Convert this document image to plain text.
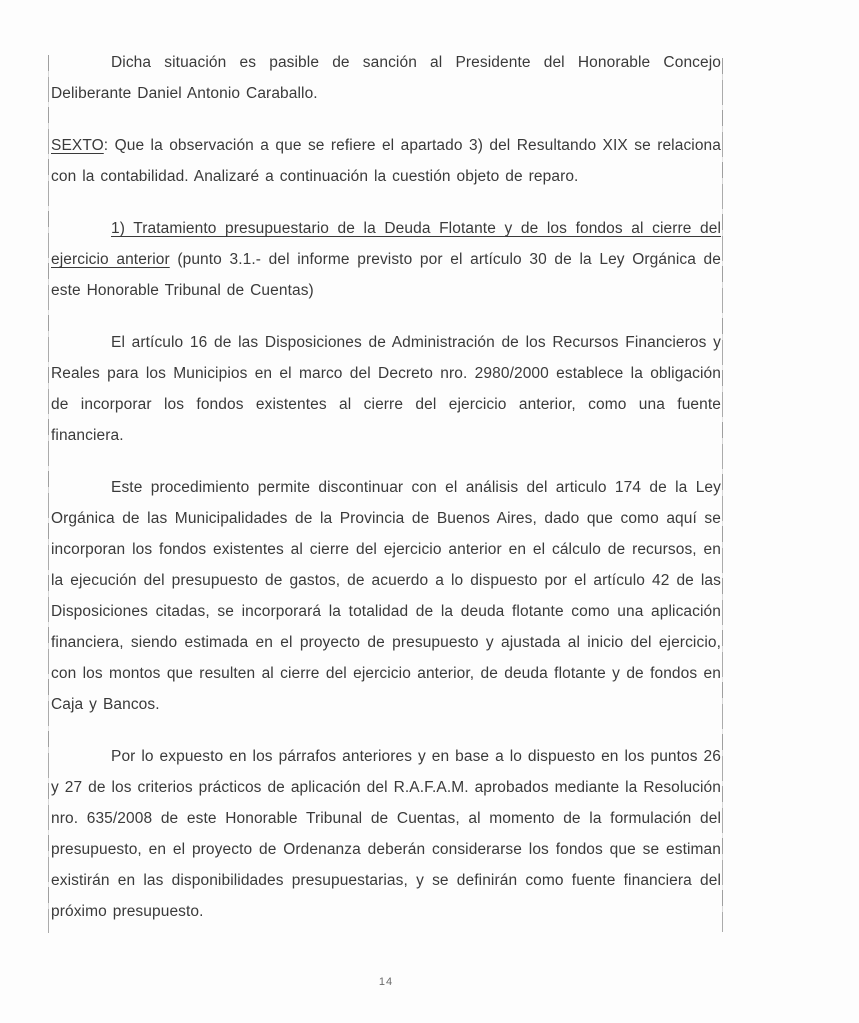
Dicha situación es pasible de sanción al Presidente del Honorable Concejo Deliberante Daniel Antonio Caraballo.

SEXTO: Que la observación a que se refiere el apartado 3) del Resultando XIX se relaciona con la contabilidad. Analizaré a continuación la cuestión objeto de reparo.

1) Tratamiento presupuestario de la Deuda Flotante y de los fondos al cierre del ejercicio anterior (punto 3.1.- del informe previsto por el artículo 30 de la Ley Orgánica de este Honorable Tribunal de Cuentas)

El artículo 16 de las Disposiciones de Administración de los Recursos Financieros y Reales para los Municipios en el marco del Decreto nro. 2980/2000 establece la obligación de incorporar los fondos existentes al cierre del ejercicio anterior, como una fuente financiera.

Este procedimiento permite discontinuar con el análisis del articulo 174 de la Ley Orgánica de las Municipalidades de la Provincia de Buenos Aires, dado que como aquí se incorporan los fondos existentes al cierre del ejercicio anterior en el cálculo de recursos, en la ejecución del presupuesto de gastos, de acuerdo a lo dispuesto por el artículo 42 de las Disposiciones citadas, se incorporará la totalidad de la deuda flotante como una aplicación financiera, siendo estimada en el proyecto de presupuesto y ajustada al inicio del ejercicio, con los montos que resulten al cierre del ejercicio anterior, de deuda flotante y de fondos en Caja y Bancos.

Por lo expuesto en los párrafos anteriores y en base a lo dispuesto en los puntos 26 y 27 de los criterios prácticos de aplicación del R.A.F.A.M. aprobados mediante la Resolución nro. 635/2008 de este Honorable Tribunal de Cuentas, al momento de la formulación del presupuesto, en el proyecto de Ordenanza deberán considerarse los fondos que se estiman existirán en las disponibilidades presupuestarias, y se definirán como fuente financiera del próximo presupuesto.

14
